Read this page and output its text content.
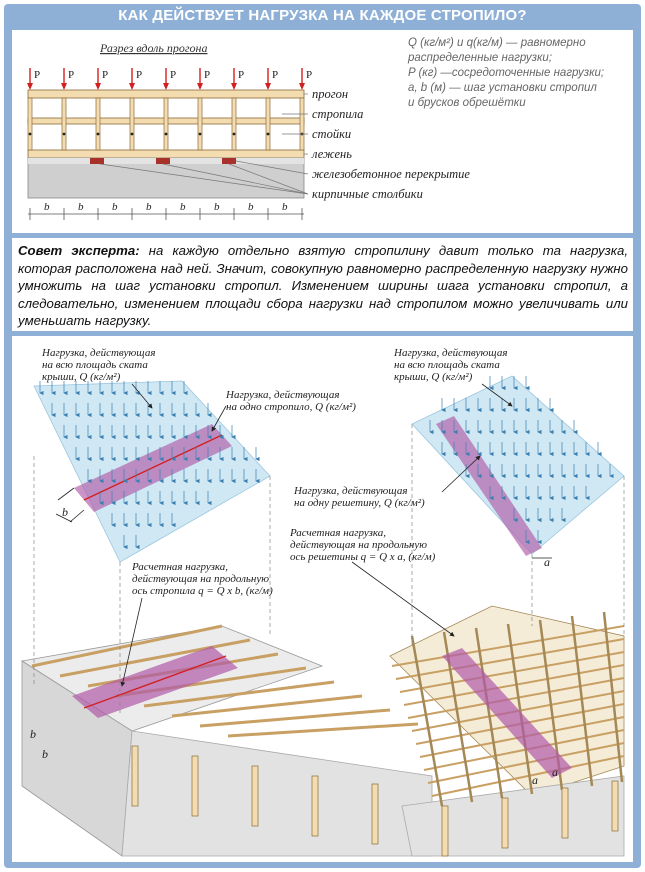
КАК ДЕЙСТВУЕТ НАГРУЗКА НА КАЖДОЕ СТРОПИЛО?
Разрез вдоль прогона
P	P	P	P	P	P	P	P	P
прогон
стропила
стойки
лежень
железобетонное перекрытие
кирпичные столбики
b	b	b	b	b	b	b	b
Q (кг/м²) и q(кг/м) — равномерно
распределенные нагрузки;
P (кг) —сосредоточенные нагрузки;
a, b (м) — шаг установки стропил
и брусков обрешётки
Совет эксперта: на каждую отдельно взятую стропилину давит только та нагрузка, которая расположена над ней. Значит, совокупную равномерно распределенную нагрузку нужно умножить на шаг установки стропил. Изменением ширины шага установки стропил, а следовательно, изменением площади сбора нагрузки над стропилом можно увеличивать или уменьшать нагрузку.
Нагрузка, действующая
на всю площадь ската
крыши, Q (кг/м²)
Нагрузка, действующая
на одно стропило, Q (кг/м²)
Расчетная нагрузка,
действующая на продольную
ось стропила q = Q x b, (кг/м)
b
b
b
Нагрузка, действующая
на всю площадь ската
крыши, Q (кг/м²)
Нагрузка, действующая
на одну решетину, Q (кг/м²)
Расчетная нагрузка,
действующая на продольную
ось решетины q = Q x a, (кг/м)	a
a
a
